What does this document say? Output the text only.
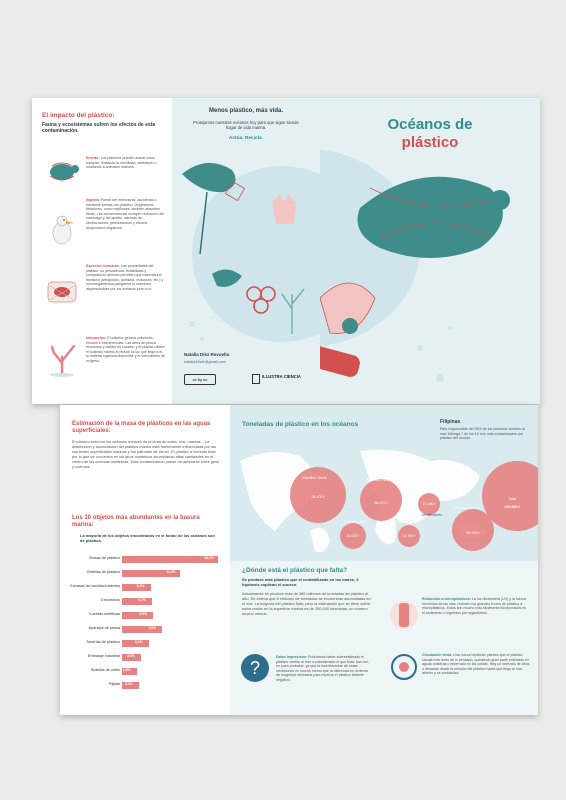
El impacto del plástico:

Fauna y ecosistemas sufren los efectos de esta contaminación.

Enredo: Los plásticos pueden actuar como trampas, limitando la movilidad, asfixiando o mutilando a animales marinos.

Ingesta: Puede ser intencional, accidental o mediante presas con plástico. Organismos filtradores, como mejillones, también absorben fibras. Las consecuencias incluyen reducción del estómago y del apetito, además de obstrucciones, perforaciones y efectos bioquímicos negativos.

Especies invasivas: Las propiedades del plástico, su persistencia, flotabilidad y composición química permiten que macrofauna invasora (artrópodos, anélidos, moluscos, etc.) y microorganismos patógenos lo colonicen, dispersándose por los océanos junto a él.

Interacción: El plástico genera colisiones, erosión e interferencias. Las artes de pesca erosionan y dañan los corales, y el plástico altera el sustrato marino al reducir la luz que llega a él, la materia orgánica disponible y el intercambio de oxígeno.

Menos plástico, más vida.

Protejamos nuestros océanos hoy para que sigan siendo hogar de vida marina.

Actúa. Recicla.

Natalia Díez Revuelta

natalia10sdr@gmail.com

cc by nc
ILLUSTRA CIENCIA

Océanos de

plástico

Estimación de la masa de plásticos en las aguas superficiales:

El plástico entra en los océanos a través de la línea de costa, ríos, mareas... La distribución y acumulación del plástico marino está fuertemente influenciada por las corrientes superficiales marinas y los patrones de viento. El plástico a menudo flota por lo que se concentra en los giros oceánicos acumulando altas cantidades en el centro de las cuencas oceánicas. Esta contaminación puede de aplazarse entre giros y cuencas.

Los 10 objetos más abundantes en la basura marina:

La mayoría de los objetos encontrados en el fondo de los océanos son de plástico.

Bolsas de plástico	18,1%
Botellas de plástico	11,0%
Envases de comida/cubiertos	5,4%
Envoltorios	5,7%
Cuerdas sintéticas	5,9%
Aparejos de pesca	7,6%
Tuberías de plástico	5,1%
Embalaje industrial 3,6%
Botellas de vidrio 2,8%
Pajitas 3,2%

Toneladas de plástico en los océanos	Filipinas

País responsable del 36% de los plásticos vertidos al mar. Alberga 7 de los 10 ríos más contaminados por plástico del mundo.

Pacífico Norte
96.400 t
Atlántico Norte
56.470 t	21.150 t
Mediterráneo
Pacífico Sur
21.020 t
Atlántico Sur
12.780 t
Océano Índico
59.130 t
Total
268.950 t

¿Dónde está el plástico que falta?

Se produce más plástico que el contabilizado en los mares, 3 hipótesis explican el suceso.

Actualmente se produce más de 380 millones de toneladas de plástico al año. Se estima que 8 millones de toneladas se encuentran acumuladas en el mar. La mayoría del plástico flota, pero la estimación que se tiene sobre estos restos en la superficie marina es de 250.000 toneladas, un número mucho menos.

?

Datos imprecisos: Podríamos haber sobreestimado el plástico vertido al mar o subestimado el que flota. Aun así, es poco probable, ya que la incertidumbre de estas mediciones es mucho menor que la diferencia en órdenes de magnitud necesaria para explicar el plástico faltante negativo.

Reducción a microplásticos: La luz ultravioleta (UV) y la fuerza mecánica de las olas, reducen los grandes trozos de plástico a microplásticos. Estos son mucho más fácilmente incorporados en el sedimento o ingeridos por organismos.

Circulación lenta: Una nueva hipótesis plantea que el plástico circula más lento de lo pensado, quedando gran parte enterrado en aguas costeras o enterrado en las costas. Hay un intervalo de años o décadas desde la emisión del plástico hasta que llega al mar abierto y se contabiliza.
